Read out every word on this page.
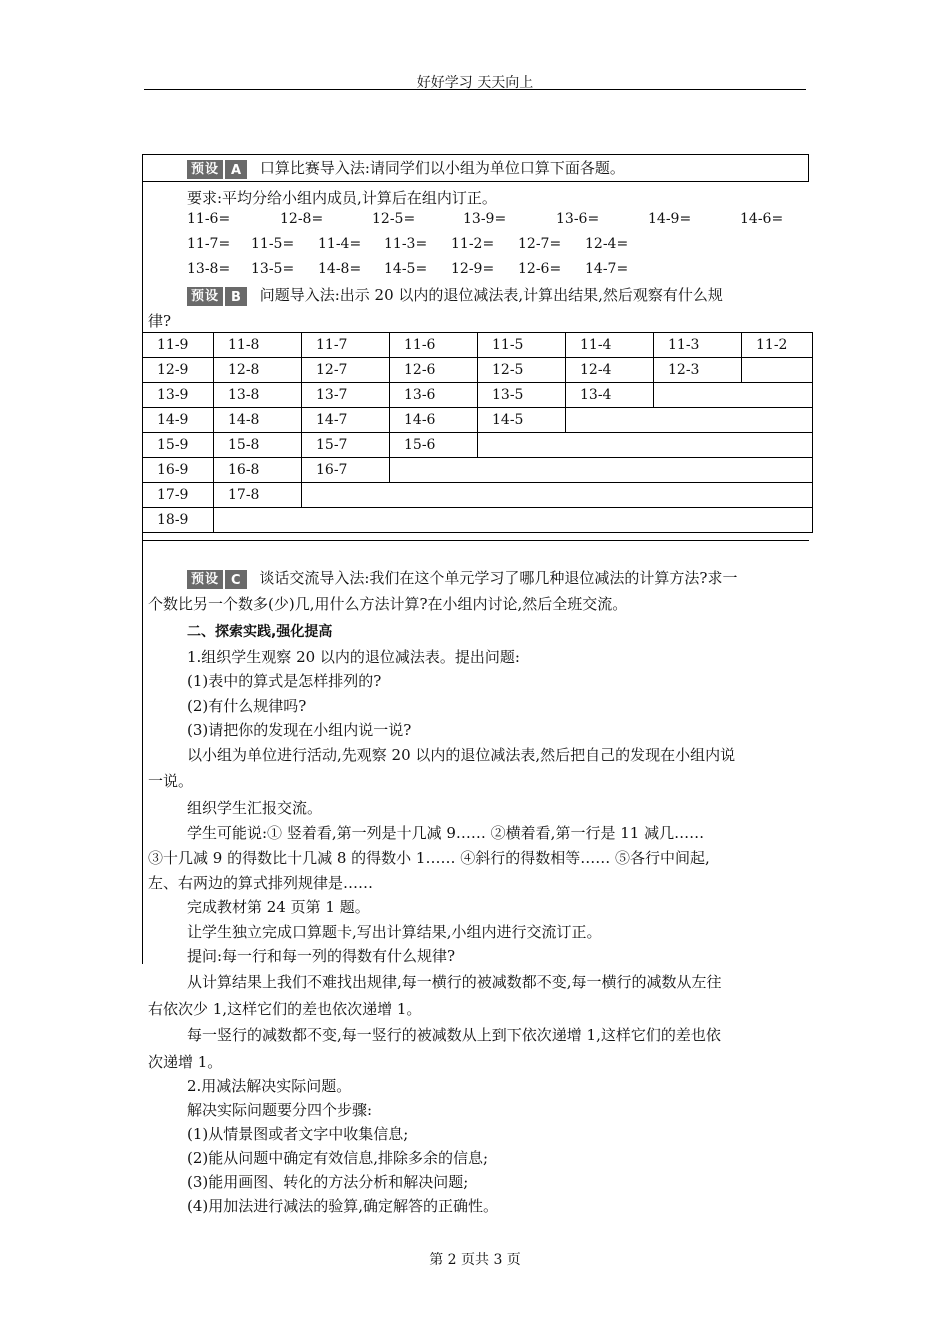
好好学习 天天向上
预设 A	口算比赛导入法:请同学们以小组为单位口算下面各题。
要求:平均分给小组内成员,计算后在组内订正。
11-6=	12-8=	12-5=	13-9=	13-6=	14-9=	14-6=
11-7= 11-5= 11-4= 11-3= 11-2= 12-7= 12-4=
13-8= 13-5= 14-8= 14-5= 12-9= 12-6= 14-7=
预设 B	问题导入法:出示 20 以内的退位减法表,计算出结果,然后观察有什么规
律?
11-9	11-8	11-7	11-6	11-5	11-4	11-3	11-2
12-9	12-8	12-7	12-6	12-5	12-4	12-3	
13-9	13-8	13-7	13-6	13-5	13-4		
14-9	14-8	14-7	14-6	14-5			
15-9	15-8	15-7	15-6				
16-9	16-8	16-7					
17-9	17-8						
18-9							
预设 C	谈话交流导入法:我们在这个单元学习了哪几种退位减法的计算方法?求一
个数比另一个数多(少)几,用什么方法计算?在小组内讨论,然后全班交流。
二、探索实践,强化提高
1.组织学生观察 20 以内的退位减法表。提出问题:
(1)表中的算式是怎样排列的?
(2)有什么规律吗?
(3)请把你的发现在小组内说一说?
以小组为单位进行活动,先观察 20 以内的退位减法表,然后把自己的发现在小组内说
一说。
组织学生汇报交流。
学生可能说:① 竖着看,第一列是十几减 9…… ②横着看,第一行是 11 减几……
③十几减 9 的得数比十几减 8 的得数小 1…… ④斜行的得数相等…… ⑤各行中间起,
左、右两边的算式排列规律是……
完成教材第 24 页第 1 题。
让学生独立完成口算题卡,写出计算结果,小组内进行交流订正。
提问:每一行和每一列的得数有什么规律?
从计算结果上我们不难找出规律,每一横行的被减数都不变,每一横行的减数从左往
右依次少 1,这样它们的差也依次递增 1。
每一竖行的减数都不变,每一竖行的被减数从上到下依次递增 1,这样它们的差也依
次递增 1。
2.用减法解决实际问题。
解决实际问题要分四个步骤:
(1)从情景图或者文字中收集信息;
(2)能从问题中确定有效信息,排除多余的信息;
(3)能用画图、转化的方法分析和解决问题;
(4)用加法进行减法的验算,确定解答的正确性。
第 2 页共 3 页
